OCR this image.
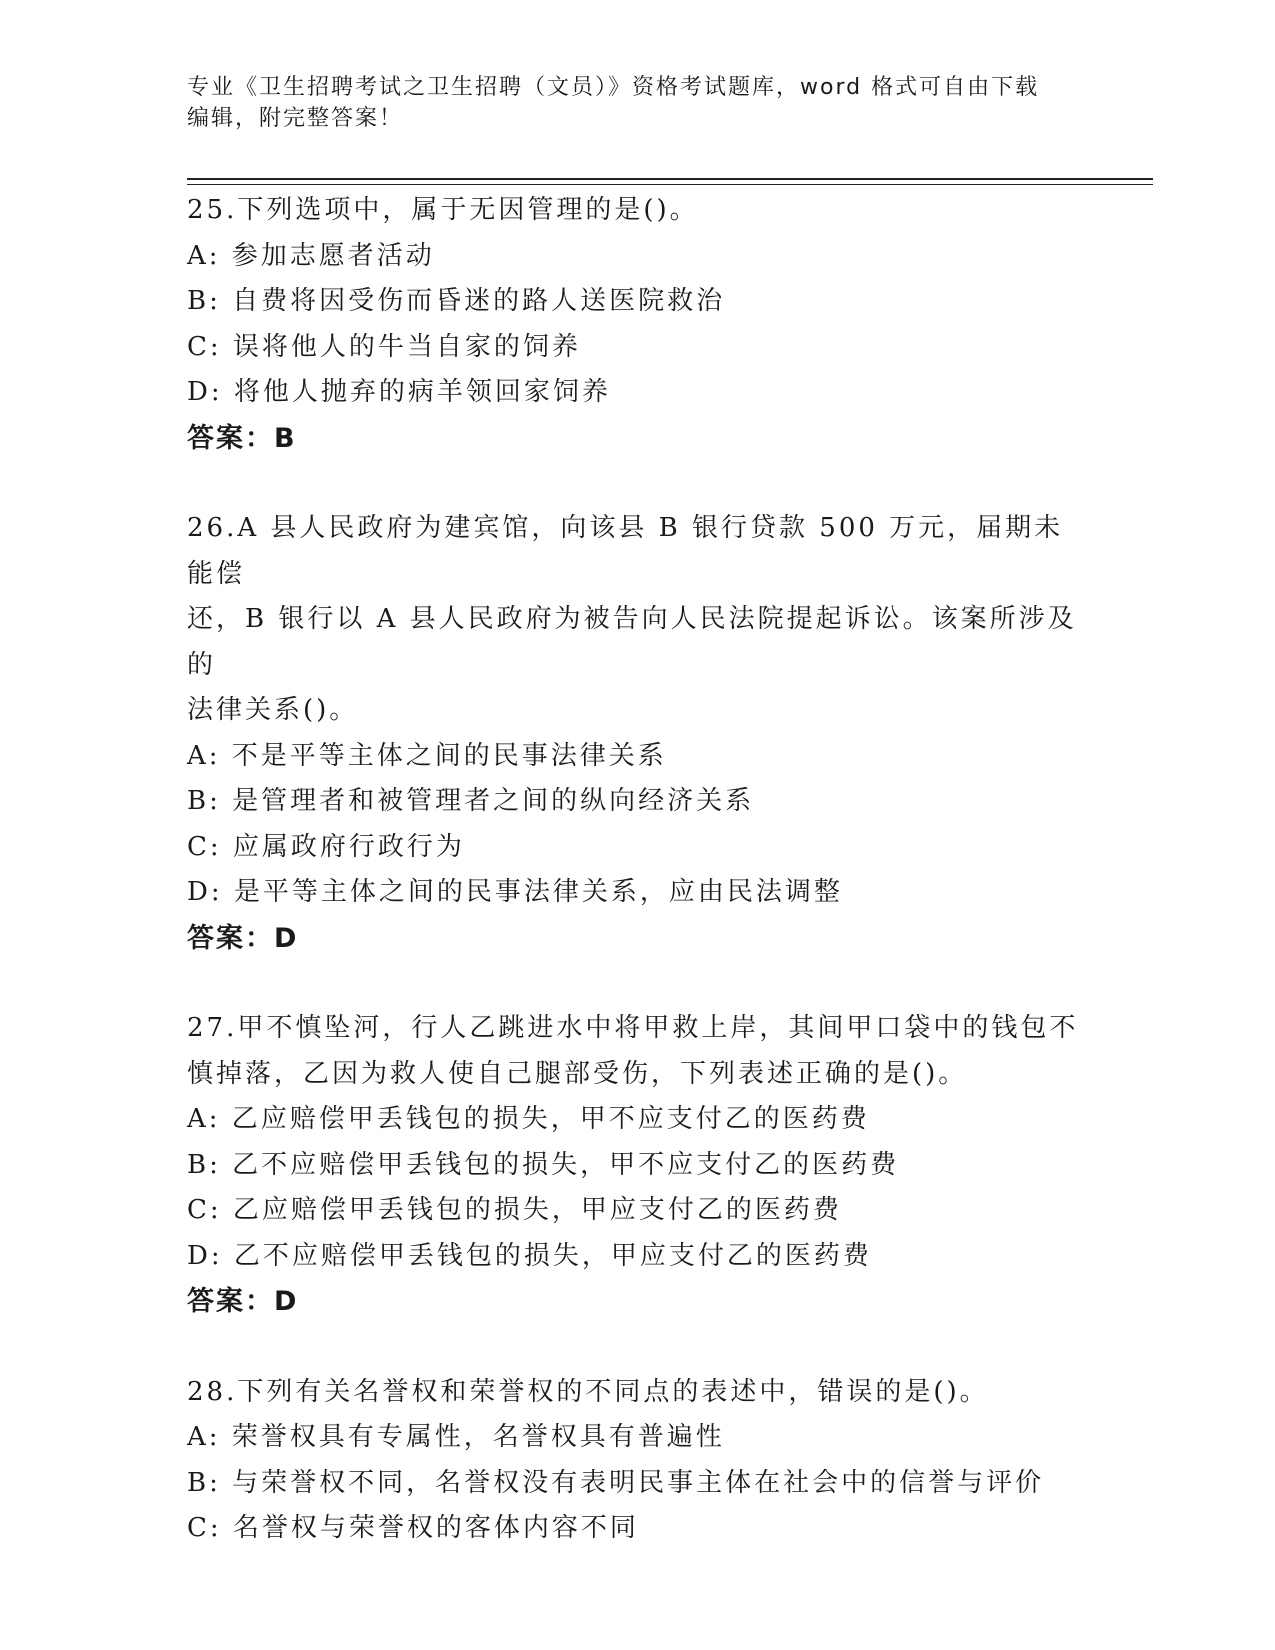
专业《卫生招聘考试之卫生招聘（文员）》资格考试题库，word 格式可自由下载
编辑，附完整答案！

25.下列选项中，属于无因管理的是()。

A: 参加志愿者活动

B: 自费将因受伤而昏迷的路人送医院救治

C: 误将他人的牛当自家的饲养

D: 将他人抛弃的病羊领回家饲养

答案：B

26.A 县人民政府为建宾馆，向该县 B 银行贷款 500 万元，届期未能偿

还，B 银行以 A 县人民政府为被告向人民法院提起诉讼。该案所涉及的

法律关系()。

A: 不是平等主体之间的民事法律关系

B: 是管理者和被管理者之间的纵向经济关系

C: 应属政府行政行为

D: 是平等主体之间的民事法律关系，应由民法调整

答案：D

27.甲不慎坠河，行人乙跳进水中将甲救上岸，其间甲口袋中的钱包不

慎掉落，乙因为救人使自己腿部受伤，下列表述正确的是()。

A: 乙应赔偿甲丢钱包的损失，甲不应支付乙的医药费

B: 乙不应赔偿甲丢钱包的损失，甲不应支付乙的医药费

C: 乙应赔偿甲丢钱包的损失，甲应支付乙的医药费

D: 乙不应赔偿甲丢钱包的损失，甲应支付乙的医药费

答案：D

28.下列有关名誉权和荣誉权的不同点的表述中，错误的是()。

A: 荣誉权具有专属性，名誉权具有普遍性

B: 与荣誉权不同，名誉权没有表明民事主体在社会中的信誉与评价

C: 名誉权与荣誉权的客体内容不同
